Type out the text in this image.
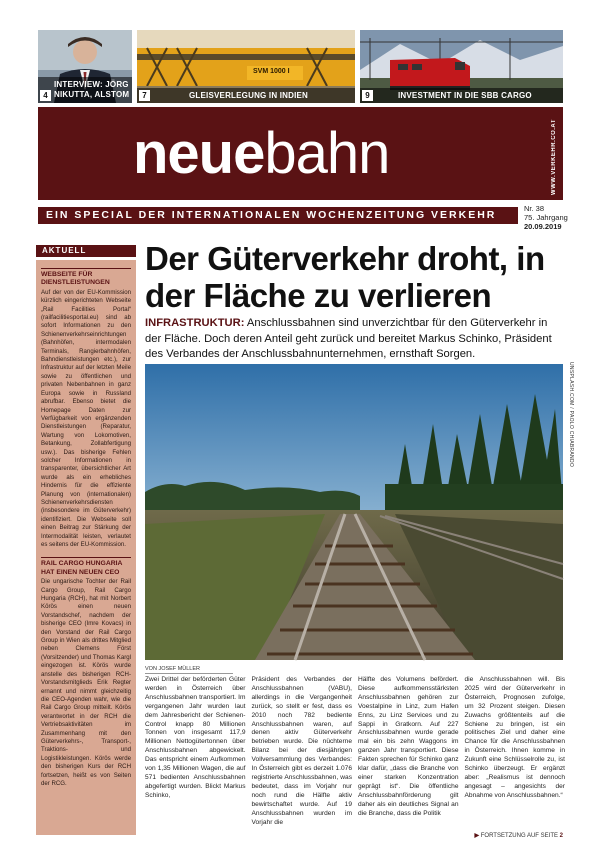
INTERVIEW: JÖRG NIKUTTA, ALSTOM
4
SVM 1000 I
GLEISVERLEGUNG IN INDIEN
7	INVESTMENT IN DIE SBB CARGO
9
neuebahn	WWW.VERKEHR.CO.AT
EIN SPECIAL DER INTERNATIONALEN WOCHENZEITUNG VERKEHR
Nr. 38
75. Jahrgang
20.09.2019
AKTUELL
WEBSEITE FÜR DIENSTLEISTUNGEN
Auf der von der EU-Kommission kürzlich eingerichteten Webseite „Rail Facilities Portal“ (railfacilitiesportal.eu) sind ab sofort Informationen zu den Schienenverkehrseinrichtungen (Bahnhöfen, intermodalen Terminals, Rangierbahnhöfen, Bahndienstleistungen etc.), zur Infrastruktur auf der letzten Meile sowie zu öffentlichen und privaten Nebenbahnen in ganz Europa sowie in Russland abrufbar. Ebenso bietet die Homepage Daten zur Verfügbarkeit von ergänzenden Dienstleistungen (Reparatur, Wartung von Lokomotiven, Betankung, Zollabfertigung usw.). Das bisherige Fehlen solcher Informationen in transparenter, übersichtlicher Art wurde als ein erhebliches Hindernis für die effiziente Planung von (internationalen) Schienenverkehrsdiensten (insbesondere im Güterverkehr) identifiziert. Die Webseite soll einen Beitrag zur Stärkung der Intermodalität leisten, verlautet es seitens der EU-Kommission.
RAIL CARGO HUNGARIA HAT EINEN NEUEN CEO
Die ungarische Tochter der Rail Cargo Group, Rail Cargo Hungaria (RCH), hat mit Norbert Körös einen neuen Vorstandschef, nachdem der bisherige CEO (Imre Kovacs) in den Vorstand der Rail Cargo Group in Wien als drittes Mitglied neben Clemens Först (Vorsitzender) und Thomas Kargl eingezogen ist. Körös wurde anstelle des bisherigen RCH-Vorstandsmitglieds Erik Regter ernannt und nimmt gleichzeitig die CEO-Agenden wahr, wie die Rail Cargo Group mitteilt. Körös verantwortet in der RCH die Vertriebsaktivitäten im Zusammenhang mit den Güterverkehrs-, Transport-, Traktions- und Logistikleistungen. Körös werde den bisherigen Kurs der RCH fortsetzen, heißt es von Seiten der RCG.
Der Güterverkehr droht, in der Fläche zu verlieren
INFRASTRUKTUR: Anschlussbahnen sind unverzichtbar für den Güterverkehr in der Fläche. Doch deren Anteil geht zurück und bereitet Markus Schinko, Präsident des Verbandes der Anschlussbahnunternehmen, ernsthaft Sorgen.
UNSPLASH.COM / PAOLO CHIABRANDO
VON JOSEF MÜLLER
Zwei Drittel der beförderten Güter werden in Österreich über Anschlussbahnen transportiert. Im vergangenen Jahr wurden laut dem Jahresbericht der Schienen-Control knapp 80 Millionen Tonnen von insgesamt 117,9 Millionen Nettogütertonnen über Anschlussbahnen abgewickelt. Das entspricht einem Aufkommen von 1,35 Millionen Wagen, die auf 571 bedienten Anschlussbahnen abgefertigt wurden. Blickt Markus Schinko,
Präsident des Verbandes der Anschlussbahnen (VABU), allerdings in die Vergangenheit zurück, so stellt er fest, dass es 2010 noch 782 bediente Anschlussbahnen waren, auf denen aktiv Güterverkehr betrieben wurde. Die nüchterne Bilanz bei der diesjährigen Vollversammlung des Verbandes: In Österreich gibt es derzeit 1.076 registrierte Anschlussbahnen, was bedeutet, dass im Vorjahr nur noch rund die Hälfte aktiv bewirtschaftet wurde. Auf 19 Anschlussbahnen wurden im Vorjahr die
Hälfte des Volumens befördert. Diese aufkommensstärksten Anschlussbahnen gehören zur Voestalpine in Linz, zum Hafen Enns, zu Linz Services und zu Sappi in Gratkorn. Auf 227 Anschlussbahnen wurde gerade mal ein bis zehn Waggons im ganzen Jahr transportiert. Diese Fakten sprechen für Schinko ganz klar dafür, „dass die Branche von einer starken Konzentration geprägt ist“. Die öffentliche Anschlussbahnförderung gilt daher als ein deutliches Signal an die Branche, dass die Politik
die Anschlussbahnen will. Bis 2025 wird der Güterverkehr in Österreich, Prognosen zufolge, um 32 Prozent steigen. Diesen Zuwachs größtenteils auf die Schiene zu bringen, ist ein politisches Ziel und daher eine Chance für die Anschlussbahnen in Österreich. Ihnen komme in Zukunft eine Schlüsselrolle zu, ist Schinko überzeugt. Er ergänzt aber: „Realismus ist dennoch angesagt – angesichts der Abnahme von Anschlussbahnen.“
▶ FORTSETZUNG AUF SEITE 2
